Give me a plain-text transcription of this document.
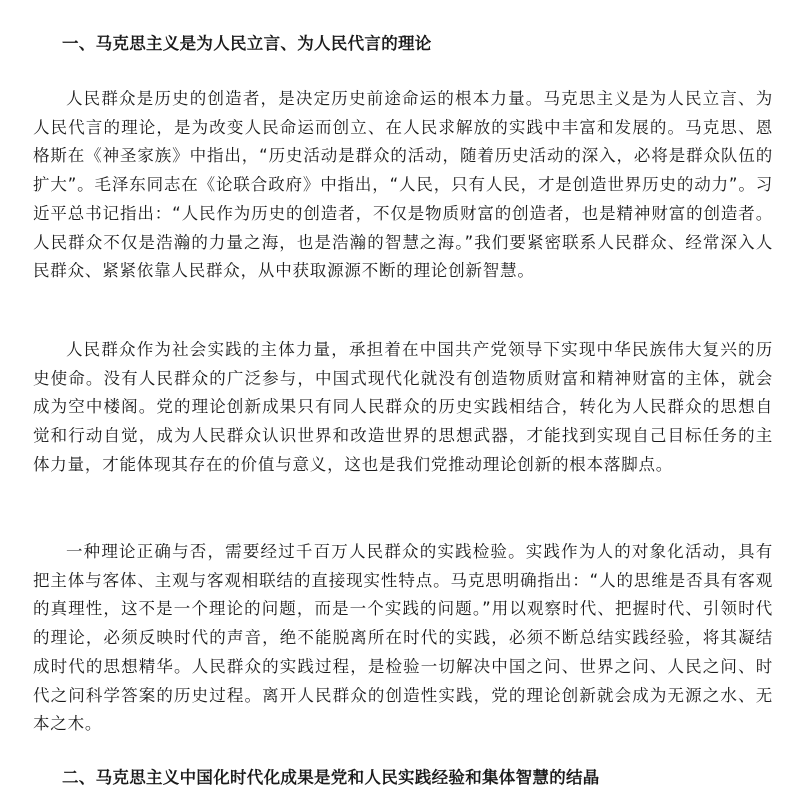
一、马克思主义是为人民立言、为人民代言的理论

人民群众是历史的创造者，是决定历史前途命运的根本力量。马克思主义是为人民立言、为人民代言的理论，是为改变人民命运而创立、在人民求解放的实践中丰富和发展的。马克思、恩格斯在《神圣家族》中指出，“历史活动是群众的活动，随着历史活动的深入，必将是群众队伍的扩大”。毛泽东同志在《论联合政府》中指出，“人民，只有人民，才是创造世界历史的动力”。习近平总书记指出：“人民作为历史的创造者，不仅是物质财富的创造者，也是精神财富的创造者。人民群众不仅是浩瀚的力量之海，也是浩瀚的智慧之海。”我们要紧密联系人民群众、经常深入人民群众、紧紧依靠人民群众，从中获取源源不断的理论创新智慧。

人民群众作为社会实践的主体力量，承担着在中国共产党领导下实现中华民族伟大复兴的历史使命。没有人民群众的广泛参与，中国式现代化就没有创造物质财富和精神财富的主体，就会成为空中楼阁。党的理论创新成果只有同人民群众的历史实践相结合，转化为人民群众的思想自觉和行动自觉，成为人民群众认识世界和改造世界的思想武器，才能找到实现自己目标任务的主体力量，才能体现其存在的价值与意义，这也是我们党推动理论创新的根本落脚点。

一种理论正确与否，需要经过千百万人民群众的实践检验。实践作为人的对象化活动，具有把主体与客体、主观与客观相联结的直接现实性特点。马克思明确指出：“人的思维是否具有客观的真理性，这不是一个理论的问题，而是一个实践的问题。”用以观察时代、把握时代、引领时代的理论，必须反映时代的声音，绝不能脱离所在时代的实践，必须不断总结实践经验，将其凝结成时代的思想精华。人民群众的实践过程，是检验一切解决中国之问、世界之问、人民之问、时代之问科学答案的历史过程。离开人民群众的创造性实践，党的理论创新就会成为无源之水、无本之木。

二、马克思主义中国化时代化成果是党和人民实践经验和集体智慧的结晶
